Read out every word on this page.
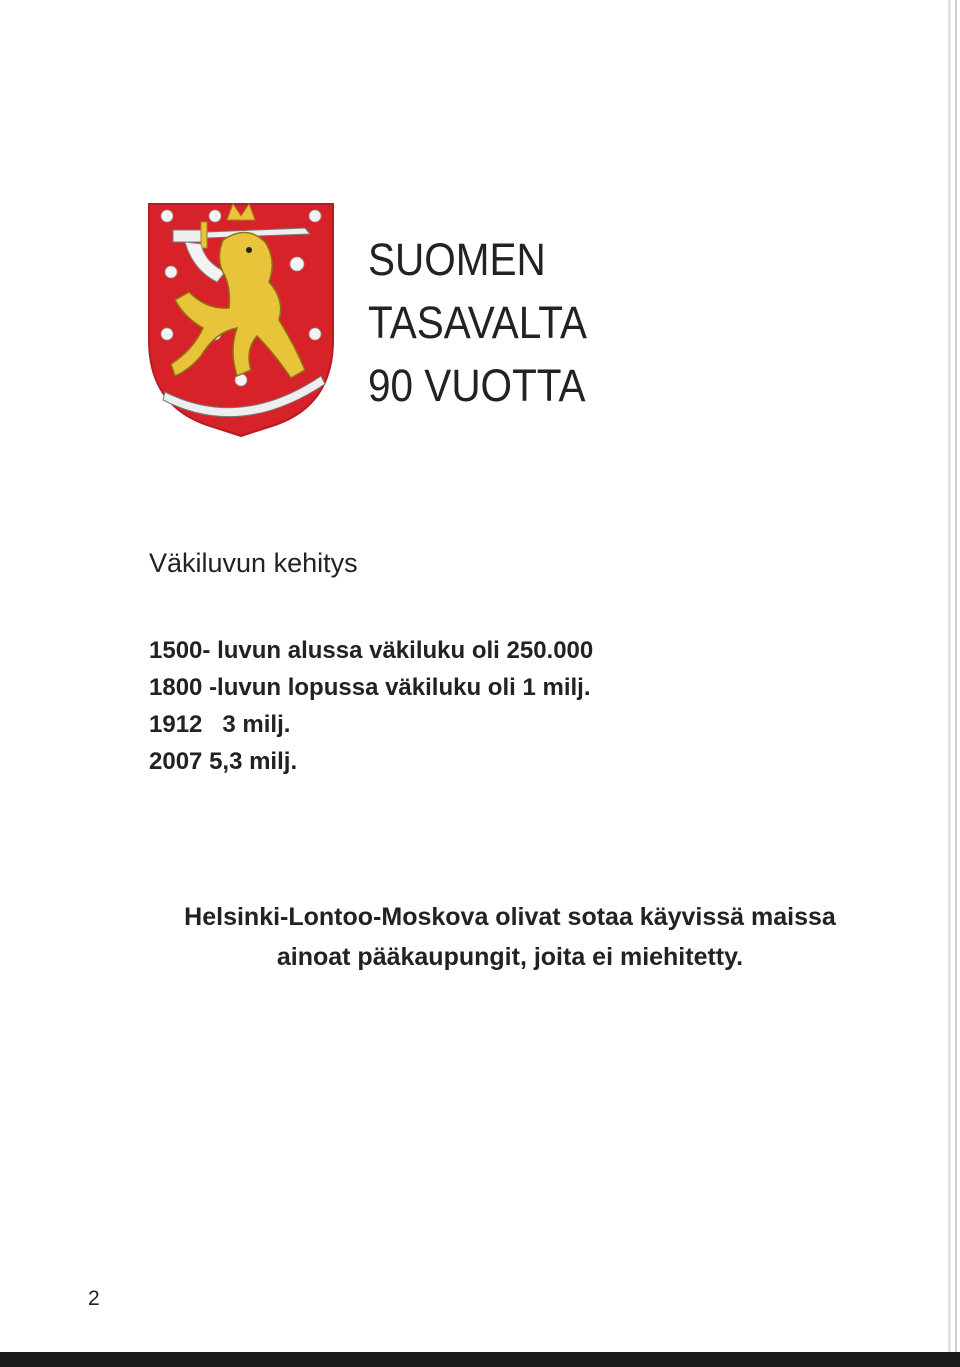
SUOMEN
TASAVALTA
90 VUOTTA
Väkiluvun kehitys
1500- luvun alussa väkiluku oli 250.000
1800 -luvun lopussa väkiluku oli 1 milj.
1912 3 milj.
2007 5,3 milj.
Helsinki-Lontoo-Moskova olivat sotaa käyvissä maissa
ainoat pääkaupungit, joita ei miehitetty.
2
